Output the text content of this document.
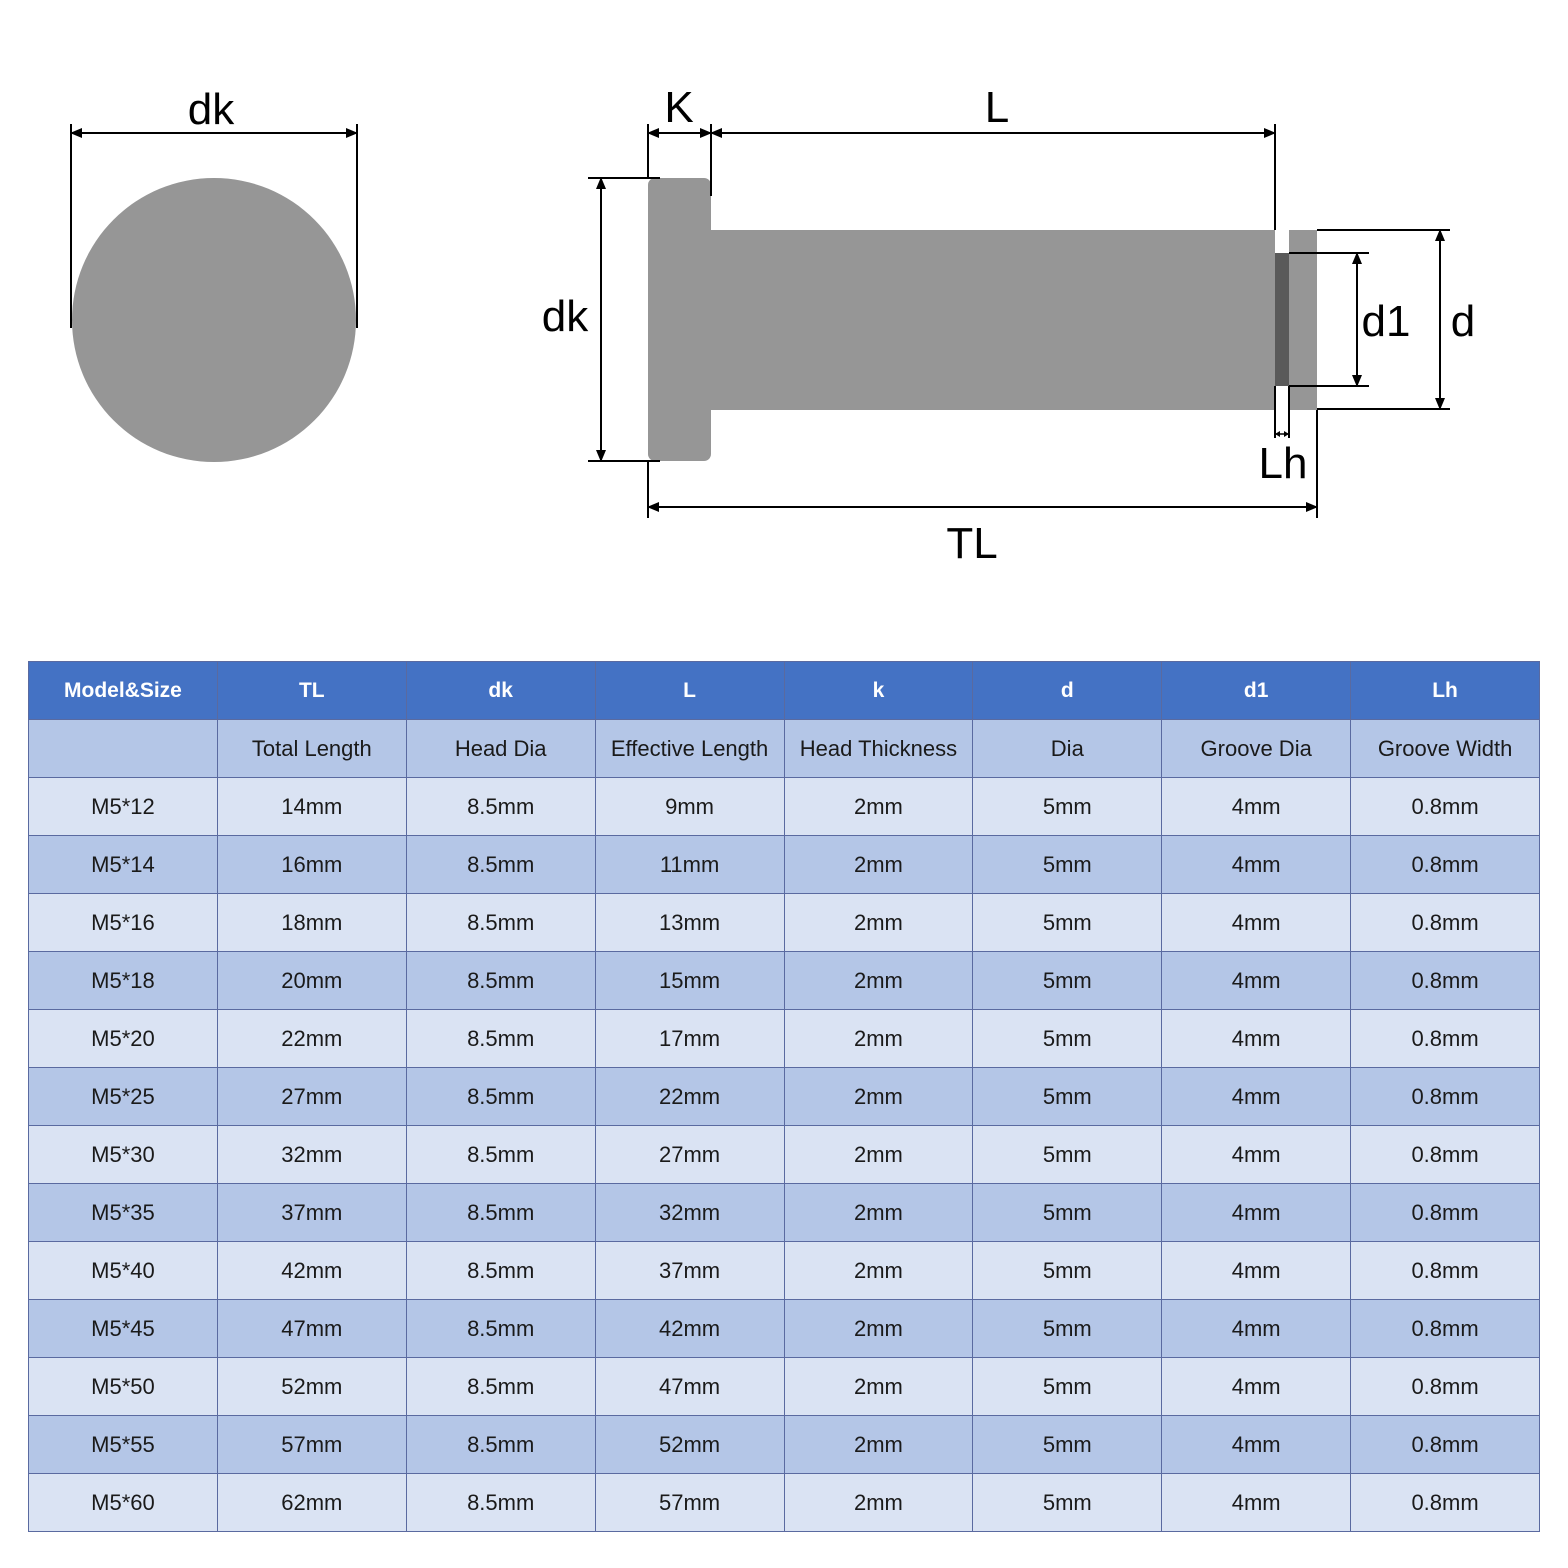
dk	K	L
dk	d1 d
Lh
TL
Model&Size	TL	dk	L	k	d	d1	Lh
	Total Length	Head Dia	Effective Length	Head Thickness	Dia	Groove Dia	Groove Width
M5*12	14mm	8.5mm	9mm	2mm	5mm	4mm	0.8mm
M5*14	16mm	8.5mm	11mm	2mm	5mm	4mm	0.8mm
M5*16	18mm	8.5mm	13mm	2mm	5mm	4mm	0.8mm
M5*18	20mm	8.5mm	15mm	2mm	5mm	4mm	0.8mm
M5*20	22mm	8.5mm	17mm	2mm	5mm	4mm	0.8mm
M5*25	27mm	8.5mm	22mm	2mm	5mm	4mm	0.8mm
M5*30	32mm	8.5mm	27mm	2mm	5mm	4mm	0.8mm
M5*35	37mm	8.5mm	32mm	2mm	5mm	4mm	0.8mm
M5*40	42mm	8.5mm	37mm	2mm	5mm	4mm	0.8mm
M5*45	47mm	8.5mm	42mm	2mm	5mm	4mm	0.8mm
M5*50	52mm	8.5mm	47mm	2mm	5mm	4mm	0.8mm
M5*55	57mm	8.5mm	52mm	2mm	5mm	4mm	0.8mm
M5*60	62mm	8.5mm	57mm	2mm	5mm	4mm	0.8mm
